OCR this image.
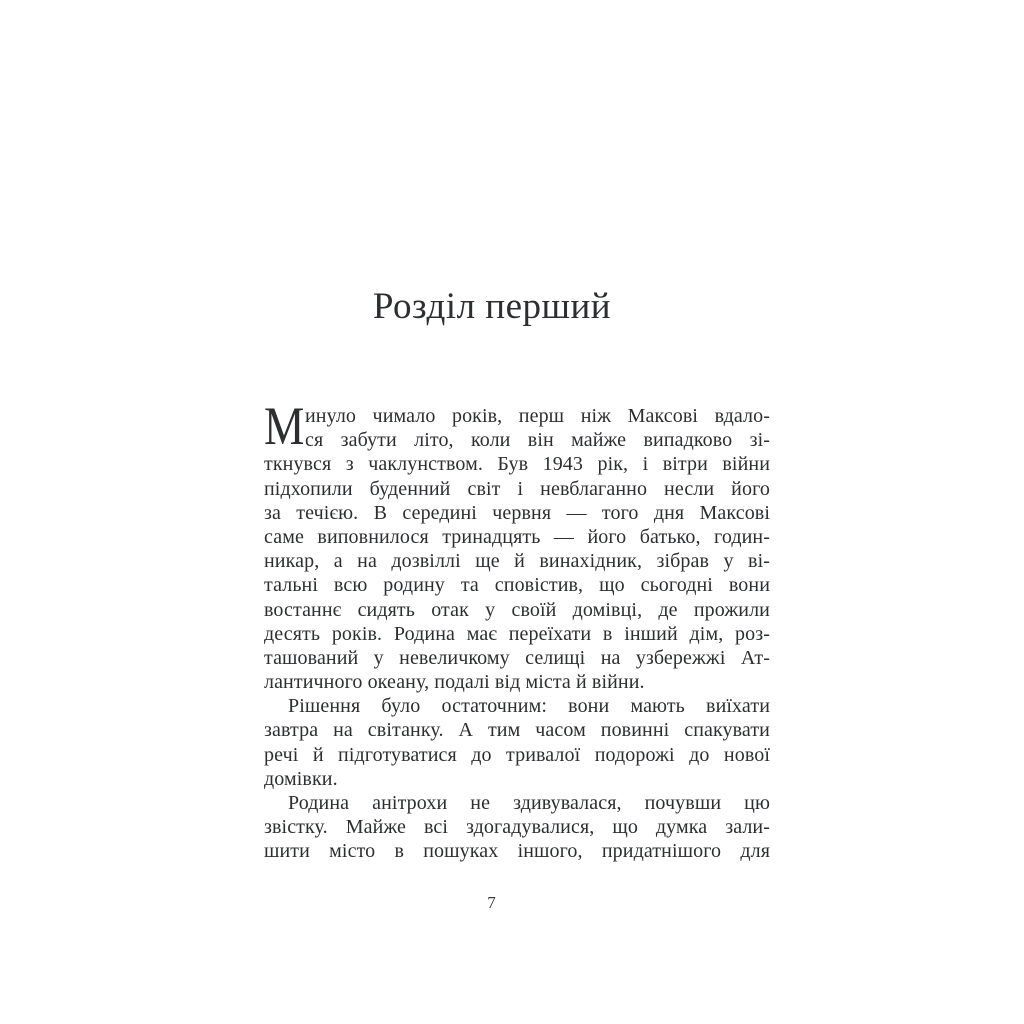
Розділ перший
Минуло чимало років, перш ніж Максові вдало-
ся забути літо, коли він майже випадково зі-
ткнувся з чаклунством. Був 1943 рік, і вітри війни
підхопили буденний світ і невблаганно несли його
за течією. В середині червня — того дня Максові
саме виповнилося тринадцять — його батько, годин-
никар, а на дозвіллі ще й винахідник, зібрав у ві-
тальні всю родину та сповістив, що сьогодні вони
востаннє сидять отак у своїй домівці, де прожили
десять років. Родина має переїхати в інший дім, роз-
ташований у невеличкому селищі на узбережжі Ат-
лантичного океану, подалі від міста й війни.
Рішення було остаточним: вони мають виїхати
завтра на світанку. А тим часом повинні спакувати
речі й підготуватися до тривалої подорожі до нової
домівки.
Родина анітрохи не здивувалася, почувши цю
звістку. Майже всі здогадувалися, що думка зали-
шити місто в пошуках іншого, придатнішого для
7
